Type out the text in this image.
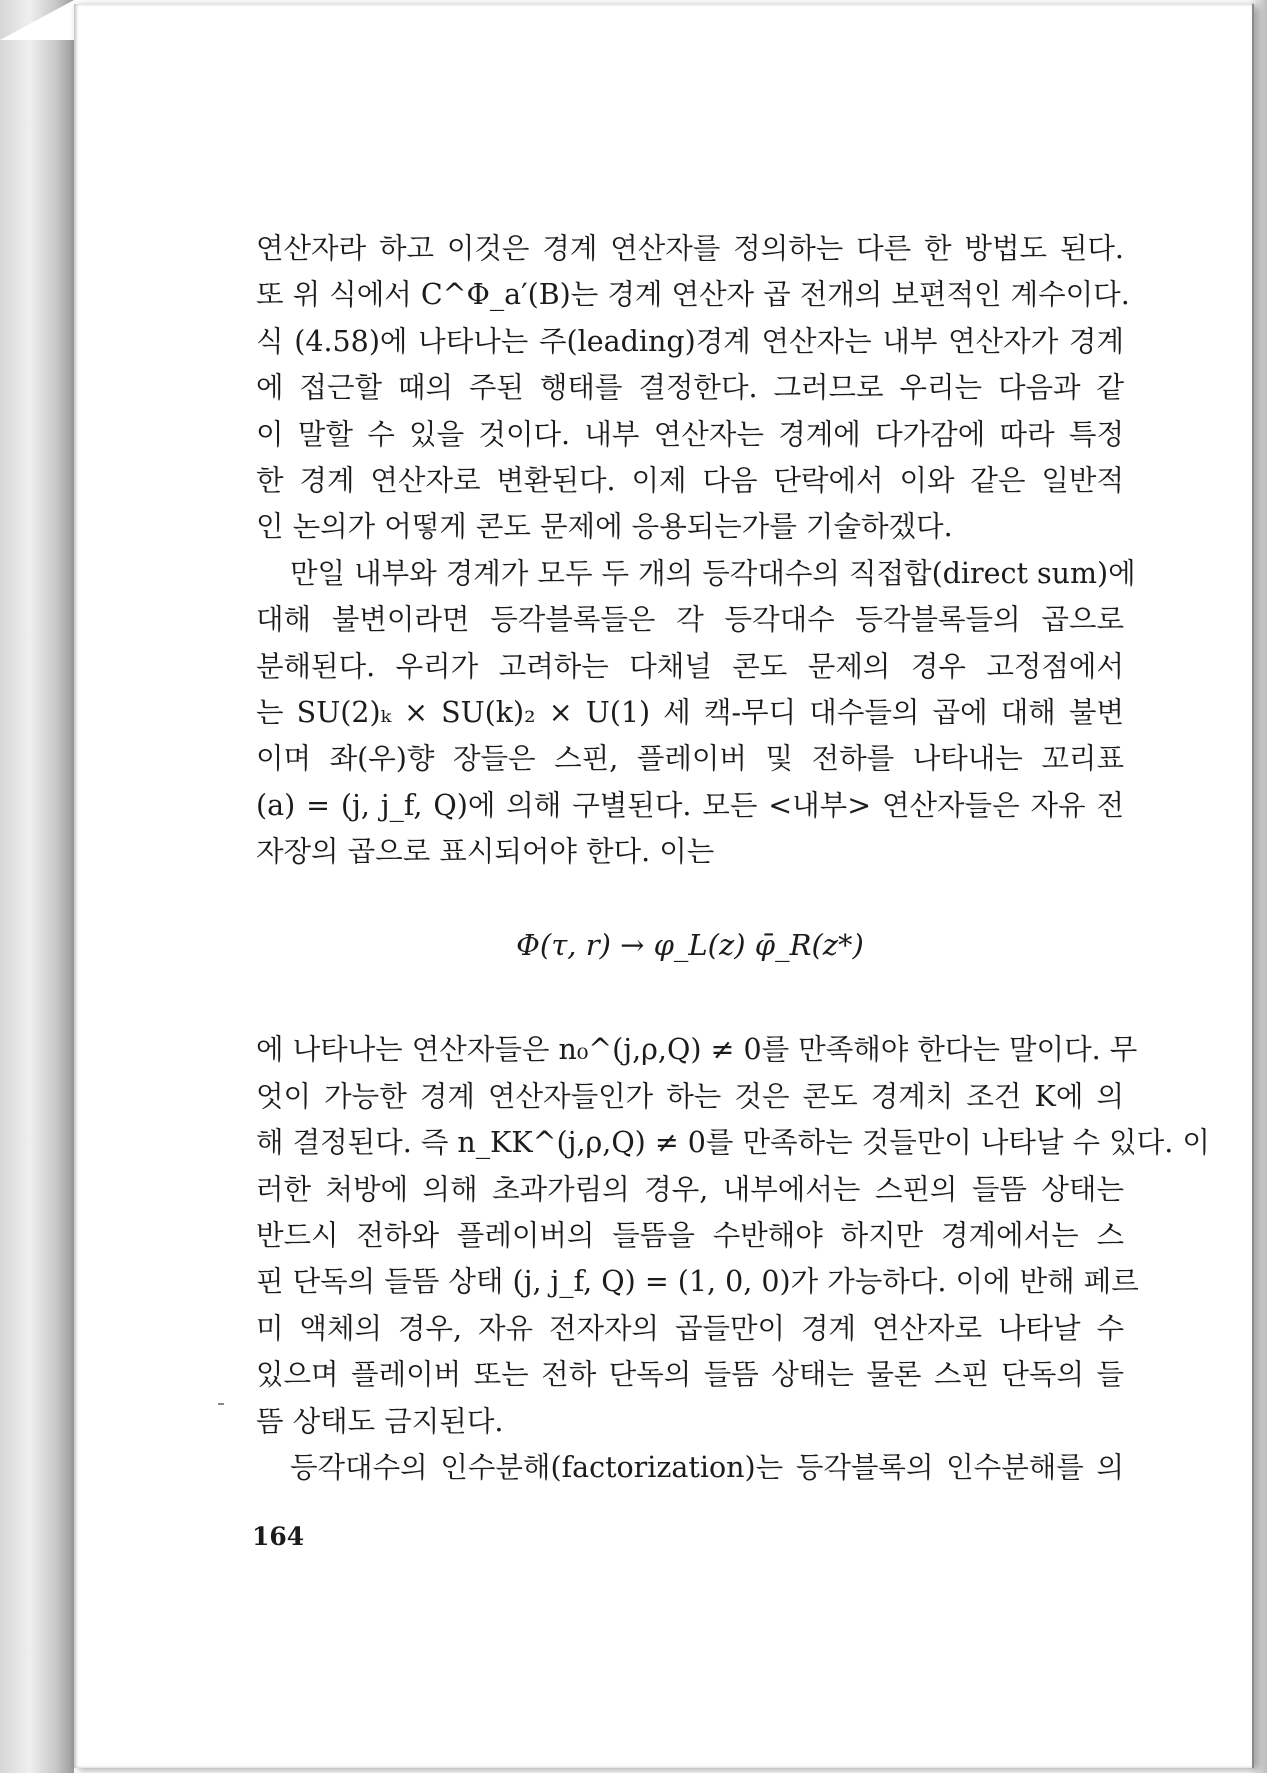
연산자라 하고 이것은 경계 연산자를 정의하는 다른 한 방법도 된다.
또 위 식에서 C^Φ_a′(B)는 경계 연산자 곱 전개의 보편적인 계수이다.
식 (4.58)에 나타나는 주(leading)경계 연산자는 내부 연산자가 경계
에 접근할 때의 주된 행태를 결정한다. 그러므로 우리는 다음과 같
이 말할 수 있을 것이다. 내부 연산자는 경계에 다가감에 따라 특정
한 경계 연산자로 변환된다. 이제 다음 단락에서 이와 같은 일반적
인 논의가 어떻게 콘도 문제에 응용되는가를 기술하겠다.
만일 내부와 경계가 모두 두 개의 등각대수의 직접합(direct sum)에
대해 불변이라면 등각블록들은 각 등각대수 등각블록들의 곱으로
분해된다. 우리가 고려하는 다채널 콘도 문제의 경우 고정점에서
는 SU(2)ₖ × SU(k)₂ × U(1) 세 캑-무디 대수들의 곱에 대해 불변
이며 좌(우)향 장들은 스핀, 플레이버 및 전하를 나타내는 꼬리표
(a) = (j, j_f, Q)에 의해 구별된다. 모든 <내부> 연산자들은 자유 전
자장의 곱으로 표시되어야 한다. 이는
Φ(τ, r) → φ_L(z) φ̄_R(z*)
에 나타나는 연산자들은 n₀^(j,ρ,Q) ≠ 0를 만족해야 한다는 말이다. 무
엇이 가능한 경계 연산자들인가 하는 것은 콘도 경계치 조건 K에 의
해 결정된다. 즉 n_KK^(j,ρ,Q) ≠ 0를 만족하는 것들만이 나타날 수 있다. 이
러한 처방에 의해 초과가림의 경우, 내부에서는 스핀의 들뜸 상태는
반드시 전하와 플레이버의 들뜸을 수반해야 하지만 경계에서는 스
핀 단독의 들뜸 상태 (j, j_f, Q) = (1, 0, 0)가 가능하다. 이에 반해 페르
미 액체의 경우, 자유 전자자의 곱들만이 경계 연산자로 나타날 수
있으며 플레이버 또는 전하 단독의 들뜸 상태는 물론 스핀 단독의 들
뜸 상태도 금지된다.
등각대수의 인수분해(factorization)는 등각블록의 인수분해를 의
164
